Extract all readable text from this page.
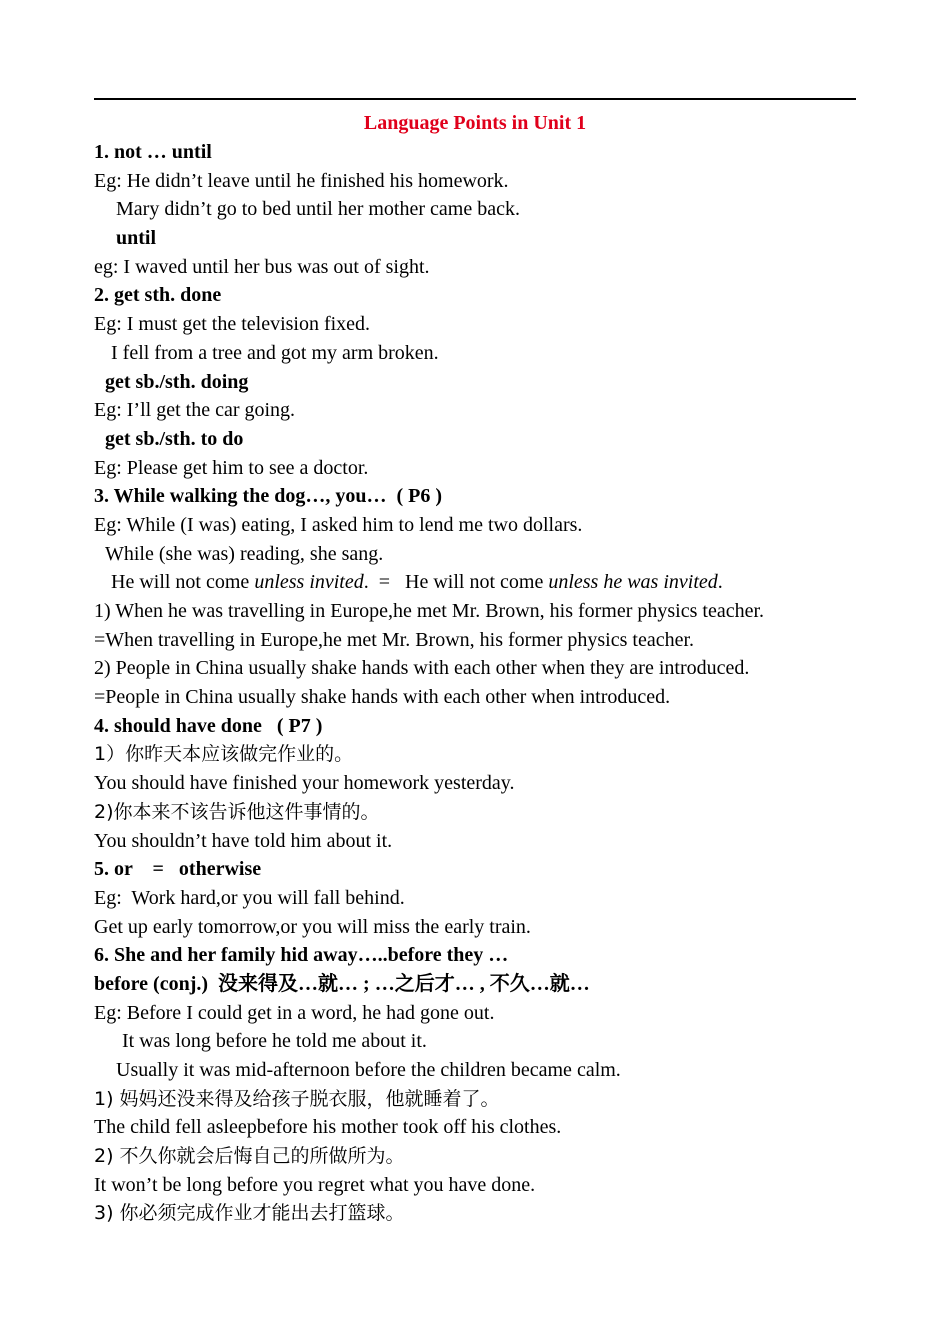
Language Points in Unit 1
1. not … until
Eg: He didn’t leave until he finished his homework.
Mary didn’t go to bed until her mother came back.
until
eg: I waved until her bus was out of sight.
2. get sth. done
Eg: I must get the television fixed.
I fell from a tree and got my arm broken.
get sb./sth. doing
Eg: I’ll get the car going.
get sb./sth. to do
Eg: Please get him to see a doctor.
3. While walking the dog…, you…  ( P6 )
Eg: While (I was) eating, I asked him to lend me two dollars.
While (she was) reading, she sang.
He will not come unless invited.  =   He will not come unless he was invited.
1) When he was travelling in Europe,he met Mr. Brown, his former physics teacher.
=When travelling in Europe,he met Mr. Brown, his former physics teacher.
2) People in China usually shake hands with each other when they are introduced.
=People in China usually shake hands with each other when introduced.
4. should have done   ( P7 )
1）你昨天本应该做完作业的。
You should have finished your homework yesterday.
2)你本来不该告诉他这件事情的。
You shouldn’t have told him about it.
5. or    =   otherwise
Eg:  Work hard,or you will fall behind.
Get up early tomorrow,or you will miss the early train.
6. She and her family hid away…..before they …
before (conj.)  没来得及…就… ; …之后才… , 不久…就…
Eg: Before I could get in a word, he had gone out.
It was long before he told me about it.
Usually it was mid-afternoon before the children became calm.
1) 妈妈还没来得及给孩子脱衣服，他就睡着了。
The child fell asleepbefore his mother took off his clothes.
2) 不久你就会后悔自己的所做所为。
It won’t be long before you regret what you have done.
3) 你必须完成作业才能出去打篮球。
